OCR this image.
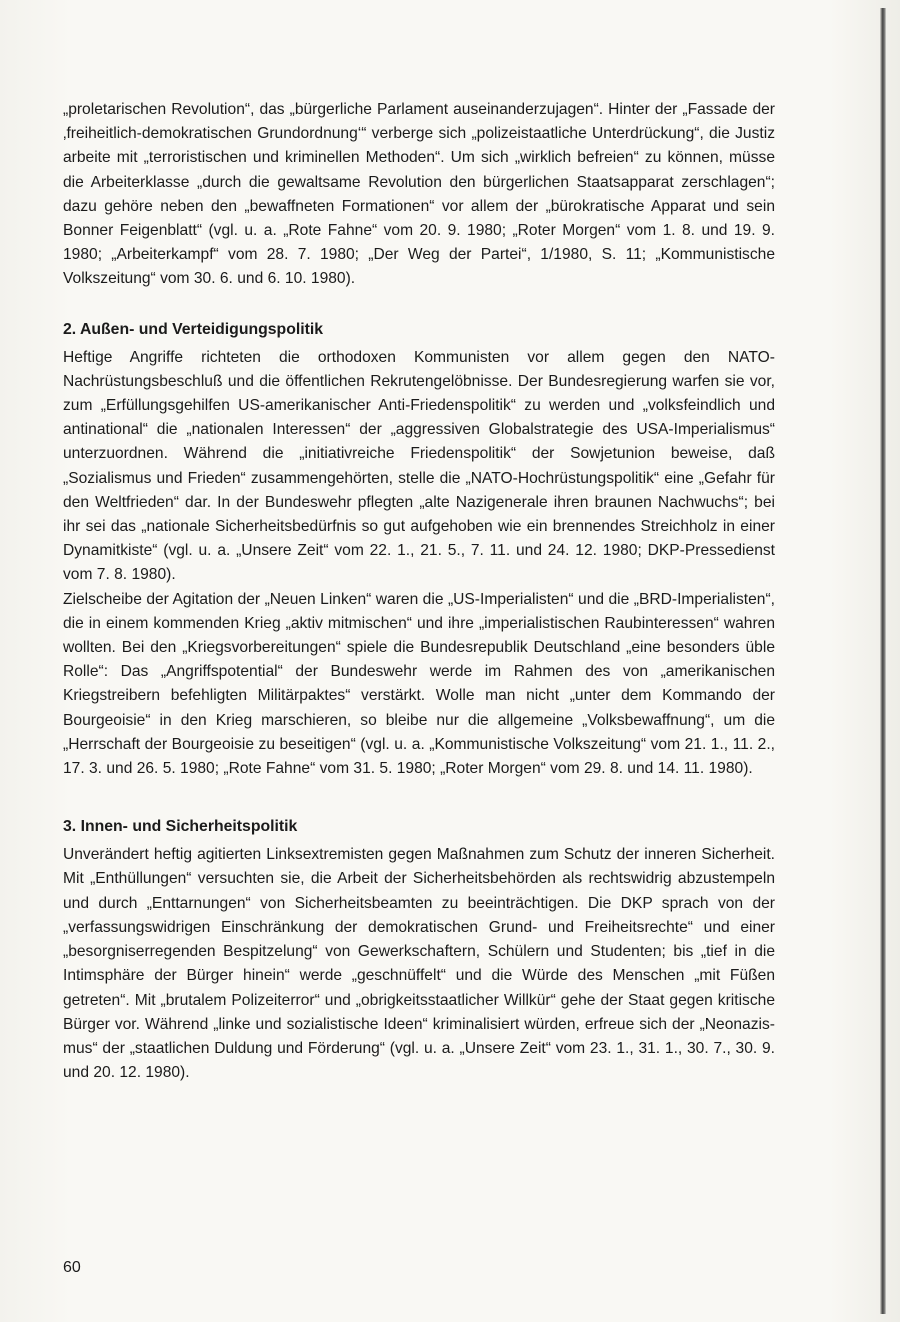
„proletarischen Revolution“, das „bürgerliche Parlament auseinanderzujagen“. Hinter der „Fassade der ‚freiheitlich-demokratischen Grundordnung‘“ verberge sich „polizeistaatliche Unterdrückung“, die Justiz arbeite mit „terroristischen und kriminellen Methoden“. Um sich „wirklich befreien“ zu können, müsse die Arbeiterklasse „durch die gewaltsame Revolution den bürgerlichen Staatsapparat zerschlagen“; dazu gehöre neben den „bewaffneten Formationen“ vor allem der „bürokratische Apparat und sein Bonner Feigenblatt“ (vgl. u. a. „Rote Fahne“ vom 20. 9. 1980; „Roter Morgen“ vom 1. 8. und 19. 9. 1980; „Arbeiterkampf“ vom 28. 7. 1980; „Der Weg der Partei“, 1/1980, S. 11; „Kommunistische Volkszeitung“ vom 30. 6. und 6. 10. 1980).

2. Außen- und Verteidigungspolitik

Heftige Angriffe richteten die orthodoxen Kommunisten vor allem gegen den NATO-Nachrüstungsbeschluß und die öffentlichen Rekrutengelöbnisse. Der Bundesregierung warfen sie vor, zum „Erfüllungsgehilfen US-amerikanischer Anti-Friedenspolitik“ zu werden und „volksfeindlich und antinational“ die „nationalen Interessen“ der „aggressiven Globalstrategie des USA-Imperialismus“ unterzuordnen. Während die „initiativreiche Friedenspolitik“ der Sowjetunion beweise, daß „Sozialismus und Frieden“ zusammengehörten, stelle die „NATO-Hochrüstungspolitik“ eine „Gefahr für den Weltfrieden“ dar. In der Bundeswehr pflegten „alte Nazigenerale ihren braunen Nachwuchs“; bei ihr sei das „nationale Sicherheitsbedürfnis so gut aufgehoben wie ein brennendes Streichholz in einer Dynamitkiste“ (vgl. u. a. „Unsere Zeit“ vom 22. 1., 21. 5., 7. 11. und 24. 12. 1980; DKP-Pressedienst vom 7. 8. 1980).

Zielscheibe der Agitation der „Neuen Linken“ waren die „US-Imperialisten“ und die „BRD-Imperialisten“, die in einem kommenden Krieg „aktiv mitmischen“ und ihre „imperialistischen Raubinteressen“ wahren wollten. Bei den „Kriegsvorbereitungen“ spiele die Bundesrepublik Deutschland „eine besonders üble Rolle“: Das „Angriffspotential“ der Bundeswehr werde im Rahmen des von „amerikanischen Kriegstreibern befehligten Militärpaktes“ verstärkt. Wolle man nicht „unter dem Kommando der Bourgeoisie“ in den Krieg marschieren, so bleibe nur die allgemeine „Volksbewaffnung“, um die „Herrschaft der Bourgeoisie zu beseitigen“ (vgl. u. a. „Kommunistische Volkszeitung“ vom 21. 1., 11. 2., 17. 3. und 26. 5. 1980; „Rote Fahne“ vom 31. 5. 1980; „Roter Morgen“ vom 29. 8. und 14. 11. 1980).

3. Innen- und Sicherheitspolitik

Unverändert heftig agitierten Linksextremisten gegen Maßnahmen zum Schutz der inneren Sicherheit. Mit „Enthüllungen“ versuchten sie, die Arbeit der Sicherheitsbehörden als rechtswidrig abzustempeln und durch „Enttarnungen“ von Sicherheitsbeamten zu beeinträchtigen. Die DKP sprach von der „verfassungswidrigen Einschränkung der demokratischen Grund- und Freiheitsrechte“ und einer „besorgniserregenden Bespitzelung“ von Gewerkschaftern, Schülern und Studenten; bis „tief in die Intimsphäre der Bürger hinein“ werde „geschnüffelt“ und die Würde des Menschen „mit Füßen getreten“. Mit „brutalem Polizeiterror“ und „obrigkeitsstaatlicher Willkür“ gehe der Staat gegen kritische Bürger vor. Während „linke und sozialistische Ideen“ kriminalisiert würden, erfreue sich der „Neonazismus“ der „staatlichen Duldung und Förderung“ (vgl. u. a. „Unsere Zeit“ vom 23. 1., 31. 1., 30. 7., 30. 9. und 20. 12. 1980).

60
